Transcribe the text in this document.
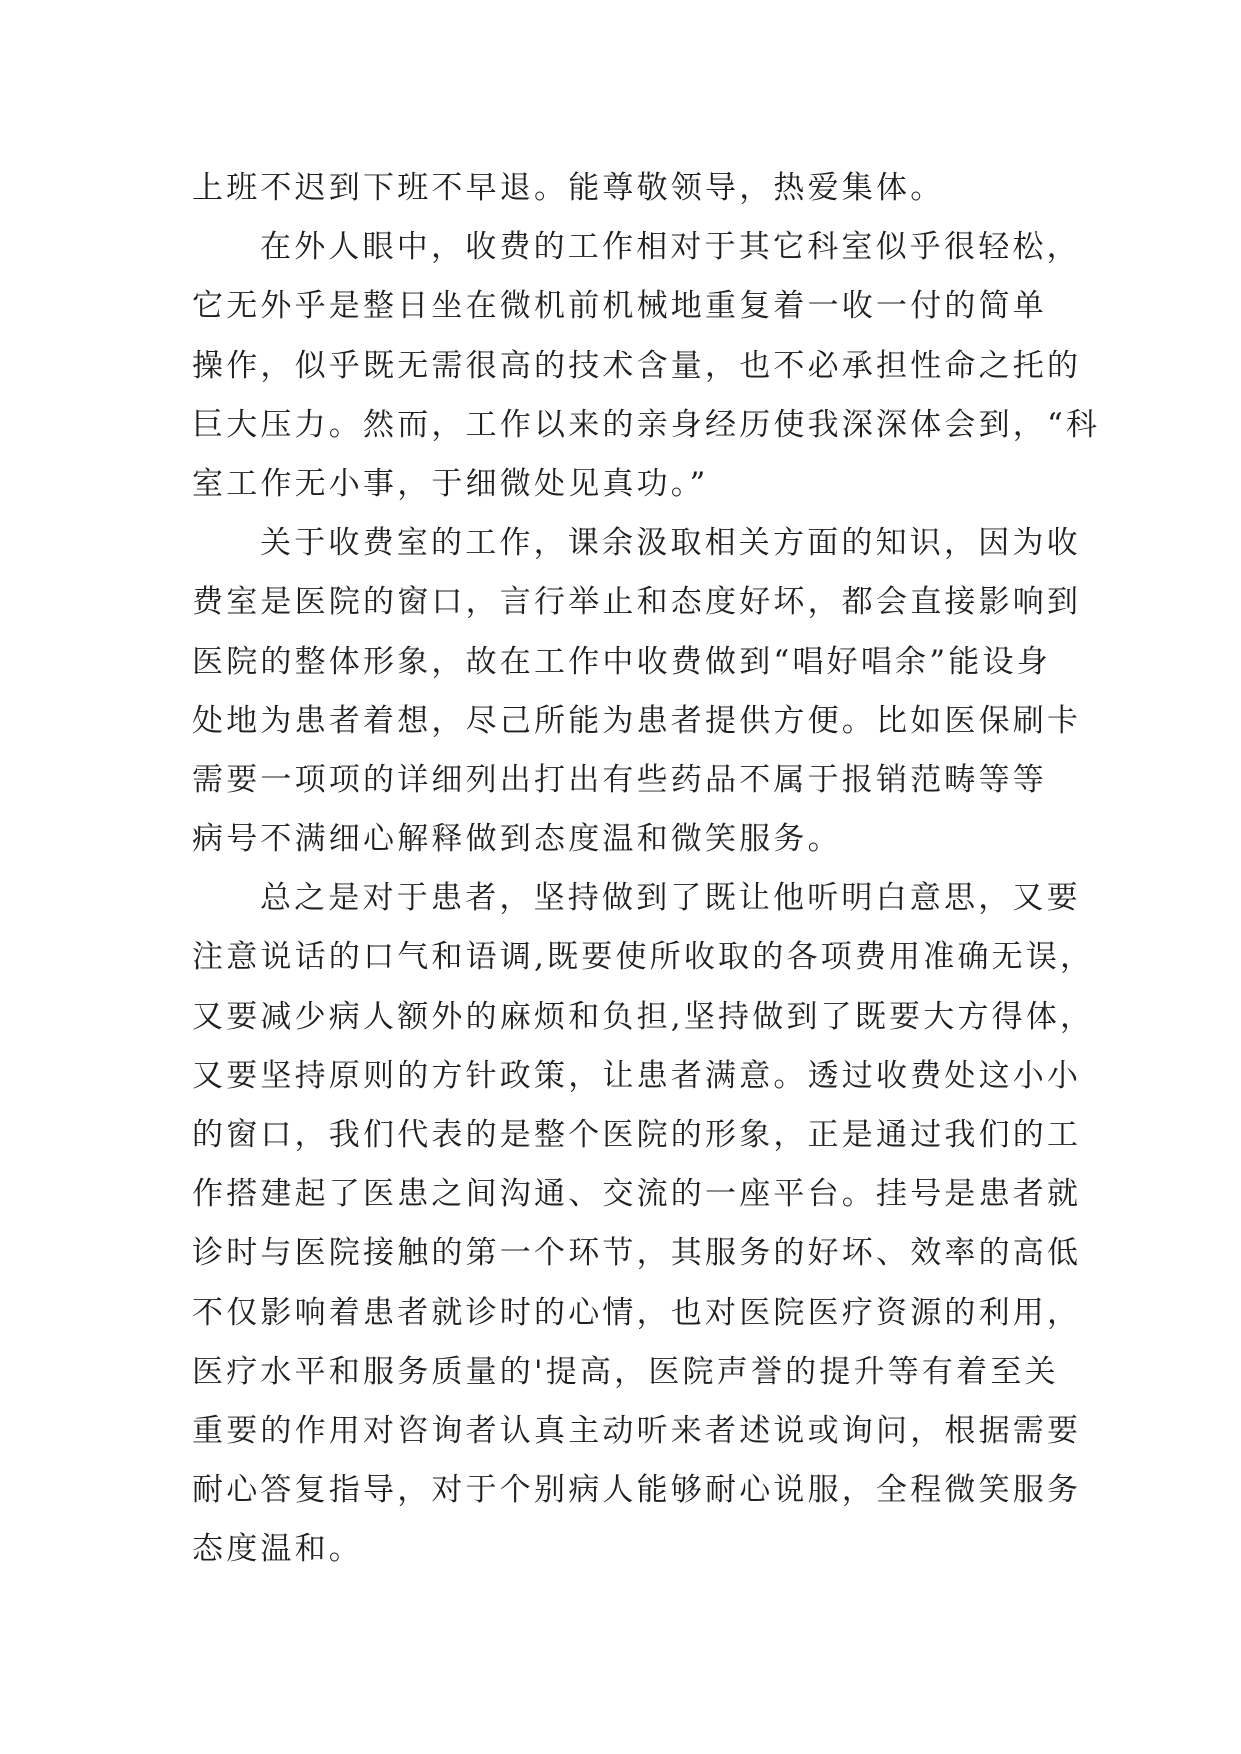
上班不迟到下班不早退。能尊敬领导，热爱集体。
在外人眼中，收费的工作相对于其它科室似乎很轻松，
它无外乎是整日坐在微机前机械地重复着一收一付的简单
操作，似乎既无需很高的技术含量，也不必承担性命之托的
巨大压力。然而，工作以来的亲身经历使我深深体会到，“科
室工作无小事，于细微处见真功。”
关于收费室的工作，课余汲取相关方面的知识，因为收
费室是医院的窗口，言行举止和态度好坏，都会直接影响到
医院的整体形象，故在工作中收费做到“唱好唱余”能设身
处地为患者着想，尽己所能为患者提供方便。比如医保刷卡
需要一项项的详细列出打出有些药品不属于报销范畴等等
病号不满细心解释做到态度温和微笑服务。
总之是对于患者，坚持做到了既让他听明白意思，又要
注意说话的口气和语调,既要使所收取的各项费用准确无误，
又要减少病人额外的麻烦和负担,坚持做到了既要大方得体，
又要坚持原则的方针政策，让患者满意。透过收费处这小小
的窗口，我们代表的是整个医院的形象，正是通过我们的工
作搭建起了医患之间沟通、交流的一座平台。挂号是患者就
诊时与医院接触的第一个环节，其服务的好坏、效率的高低
不仅影响着患者就诊时的心情，也对医院医疗资源的利用，
医疗水平和服务质量的'提高，医院声誉的提升等有着至关
重要的作用对咨询者认真主动听来者述说或询问，根据需要
耐心答复指导，对于个别病人能够耐心说服，全程微笑服务
态度温和。
